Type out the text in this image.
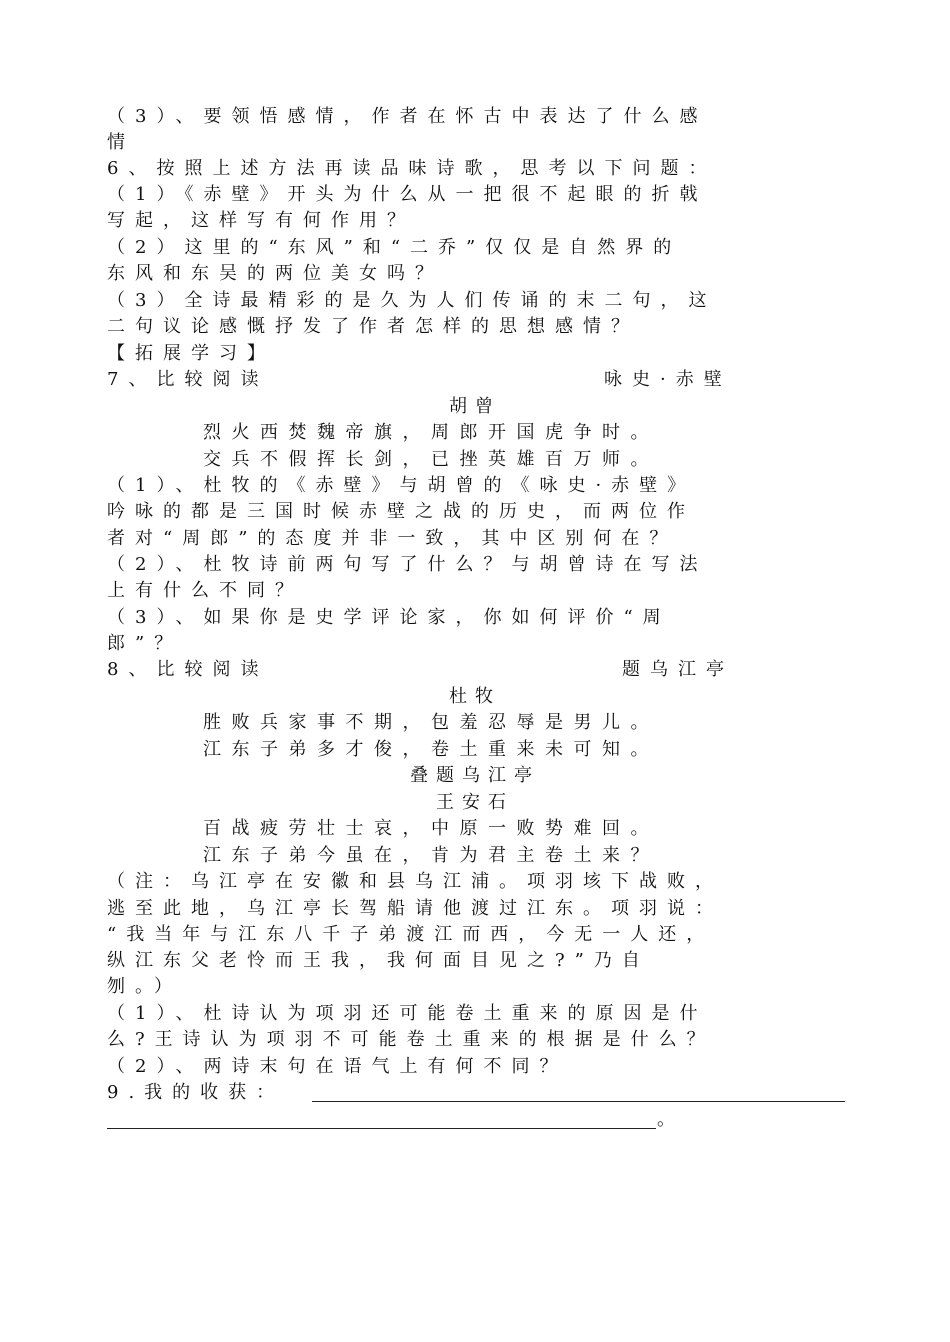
（3）、要领悟感情，作者在怀古中表达了什么感
情
6、按照上述方法再读品味诗歌，思考以下问题：
（1）《赤壁》开头为什么从一把很不起眼的折戟
写起，这样写有何作用？
（2）这里的“东风”和“二乔”仅仅是自然界的
东风和东吴的两位美女吗？
（3）全诗最精彩的是久为人们传诵的末二句，这
二句议论感慨抒发了作者怎样的思想感情？
【拓展学习】
7、比较阅读	咏史·赤壁
胡曾
烈火西焚魏帝旗，周郎开国虎争时。
交兵不假挥长剑，已挫英雄百万师。
（1）、杜牧的《赤壁》与胡曾的《咏史·赤壁》
吟咏的都是三国时候赤壁之战的历史，而两位作
者对“周郎”的态度并非一致，其中区别何在？
（2）、杜牧诗前两句写了什么？与胡曾诗在写法
上有什么不同？
（3）、如果你是史学评论家，你如何评价“周
郎”？
8、比较阅读	题乌江亭
杜牧
胜败兵家事不期，包羞忍辱是男儿。
江东子弟多才俊，卷土重来未可知。
叠题乌江亭
王安石
百战疲劳壮士哀，中原一败势难回。
江东子弟今虽在，肯为君主卷土来？
（注：乌江亭在安徽和县乌江浦。项羽垓下战败，
逃至此地，乌江亭长驾船请他渡过江东。项羽说：
“我当年与江东八千子弟渡江而西，今无一人还，
纵江东父老怜而王我，我何面目见之?”乃自
刎。）
（1）、杜诗认为项羽还可能卷土重来的原因是什
么?王诗认为项羽不可能卷土重来的根据是什么？
（2）、两诗末句在语气上有何不同？
9.我的收获：
。
